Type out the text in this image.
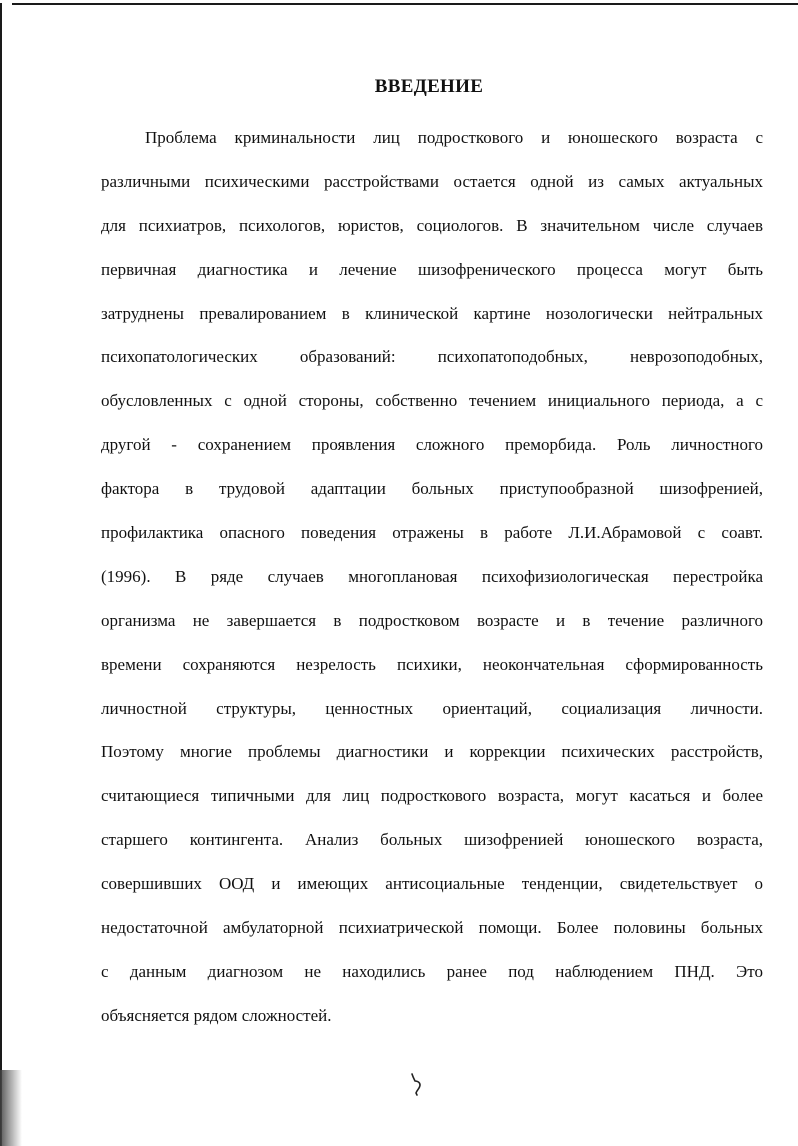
ВВЕДЕНИЕ
Проблема криминальности лиц подросткового и юношеского возраста с
различными психическими расстройствами остается одной из самых актуальных
для психиатров, психологов, юристов, социологов. В значительном числе случаев
первичная диагностика и лечение шизофренического процесса могут быть
затруднены превалированием в клинической картине нозологически нейтральных
психопатологических образований: психопатоподобных, неврозоподобных,
обусловленных с одной стороны, собственно течением инициального периода, а с
другой - сохранением проявления сложного преморбида. Роль личностного
фактора в трудовой адаптации больных приступообразной шизофренией,
профилактика опасного поведения отражены в работе Л.И.Абрамовой с соавт.
(1996). В ряде случаев многоплановая психофизиологическая перестройка
организма не завершается в подростковом возрасте и в течение различного
времени сохраняются незрелость психики, неокончательная сформированность
личностной структуры, ценностных ориентаций, социализация личности.
Поэтому многие проблемы диагностики и коррекции психических расстройств,
считающиеся типичными для лиц подросткового возраста, могут касаться и более
старшего контингента. Анализ больных шизофренией юношеского возраста,
совершивших ООД и имеющих антисоциальные тенденции, свидетельствует о
недостаточной амбулаторной психиатрической помощи. Более половины больных
с данным диагнозом не находились ранее под наблюдением ПНД. Это
объясняется рядом сложностей.
